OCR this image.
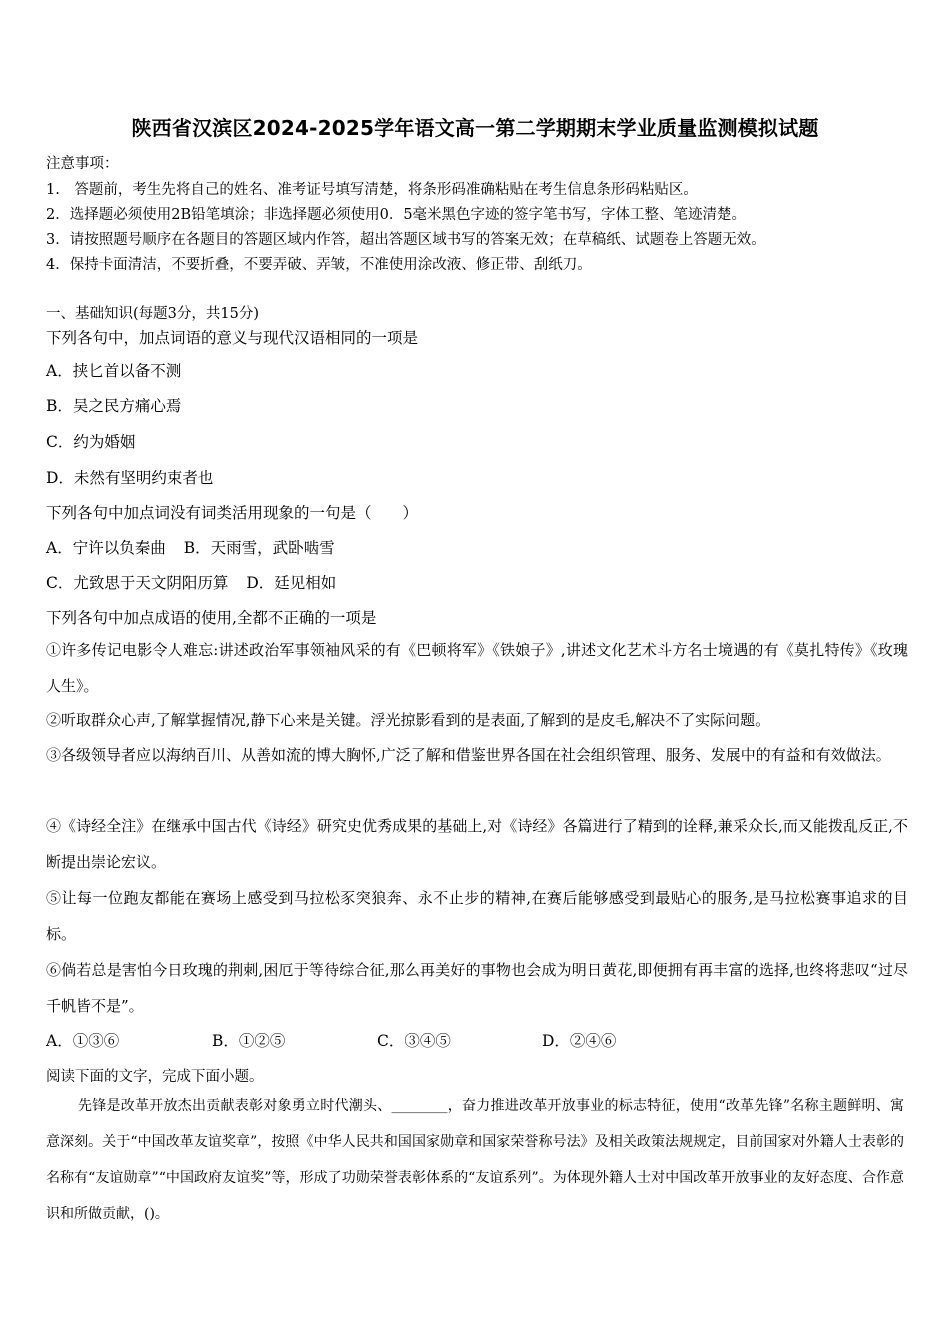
陕西省汉滨区2024-2025学年语文高一第二学期期末学业质量监测模拟试题
注意事项：
1.　答题前，考生先将自己的姓名、准考证号填写清楚，将条形码准确粘贴在考生信息条形码粘贴区。
2．选择题必须使用2B铅笔填涂；非选择题必须使用0．5毫米黑色字迹的签字笔书写，字体工整、笔迹清楚。
3．请按照题号顺序在各题目的答题区域内作答，超出答题区域书写的答案无效；在草稿纸、试题卷上答题无效。
4．保持卡面清洁，不要折叠，不要弄破、弄皱，不准使用涂改液、修正带、刮纸刀。
一、基础知识(每题3分，共15分)
下列各句中，加点词语的意义与现代汉语相同的一项是
A．挟匕首以备不测
B．吴之民方痛心焉
C．约为婚姻
D．未然有坚明约束者也
下列各句中加点词没有词类活用现象的一句是（　　）
A．宁许以负秦曲 B．天雨雪，武卧啮雪
C．尤致思于天文阴阳历算 D．廷见相如
下列各句中加点成语的使用,全都不正确的一项是
①许多传记电影令人难忘:讲述政治军事领袖风采的有《巴顿将军》《铁娘子》,讲述文化艺术斗方名士境遇的有《莫扎特传》《玫瑰人生》。
②听取群众心声,了解掌握情况,静下心来是关键。浮光掠影看到的是表面,了解到的是皮毛,解决不了实际问题。
③各级领导者应以海纳百川、从善如流的博大胸怀,广泛了解和借鉴世界各国在社会组织管理、服务、发展中的有益和有效做法。
④《诗经全注》在继承中国古代《诗经》研究史优秀成果的基础上,对《诗经》各篇进行了精到的诠释,兼采众长,而又能拨乱反正,不断提出崇论宏议。
⑤让每一位跑友都能在赛场上感受到马拉松豕突狼奔、永不止步的精神,在赛后能够感受到最贴心的服务,是马拉松赛事追求的目标。
⑥倘若总是害怕今日玫瑰的荆刺,困厄于等待综合征,那么再美好的事物也会成为明日黄花,即便拥有再丰富的选择,也终将悲叹“过尽千帆皆不是”。
A．①③⑥	B．①②⑤	C．③④⑤	D．②④⑥
阅读下面的文字，完成下面小题。
先锋是改革开放杰出贡献表彰对象勇立时代潮头、________，奋力推进改革开放事业的标志特征，使用“改革先锋”名称主题鲜明、寓意深刻。关于“中国改革友谊奖章”，按照《中华人民共和国国家勋章和国家荣誉称号法》及相关政策法规规定，目前国家对外籍人士表彰的名称有“友谊勋章”“中国政府友谊奖”等，形成了功勋荣誉表彰体系的“友谊系列”。为体现外籍人士对中国改革开放事业的友好态度、合作意识和所做贡献，()。
